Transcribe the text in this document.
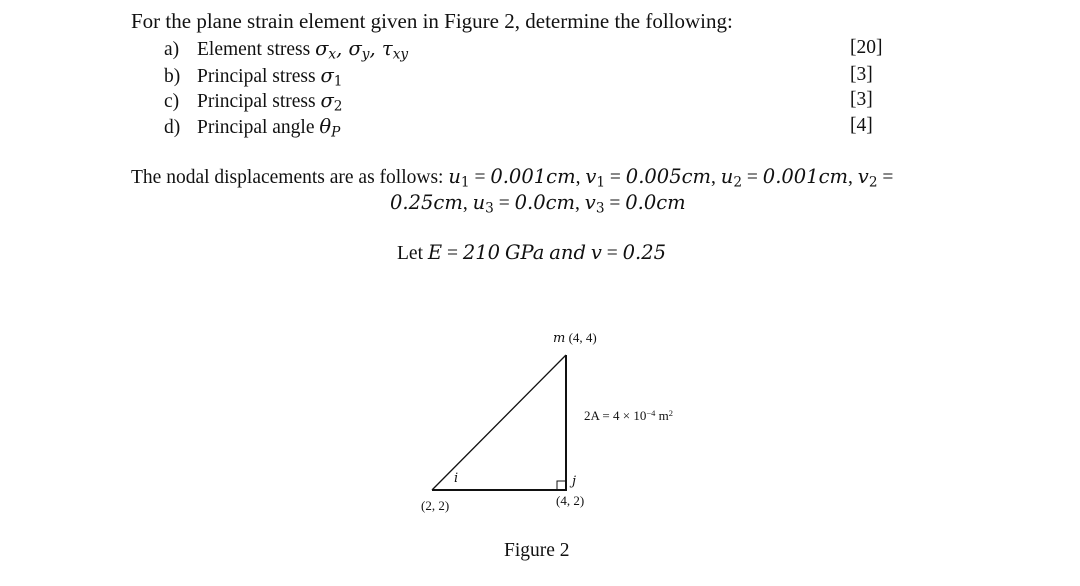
For the plane strain element given in Figure 2, determine the following:
a) Element stress $\sigma_x$, $\sigma_y$, $\tau_{xy}$	[20]
b) Principal stress $\sigma_1$	[3]
c) Principal stress $\sigma_2$	[3]
d) Principal angle $\theta_P$	[4]
The nodal displacements are as follows: $u_1 = 0.001cm$, $v_1 = 0.005cm$, $u_2 = 0.001cm$, $v_2$ =
0.25cm, $u_3 = 0.0cm$, $v_3 = 0.0cm$
Let E = 210 GPa and v = 0.25
m (4, 4)
$2A = 4 \times 10^{-4}$ $m^2$
i	j
(2, 2)	(4, 2)
Figure 2
